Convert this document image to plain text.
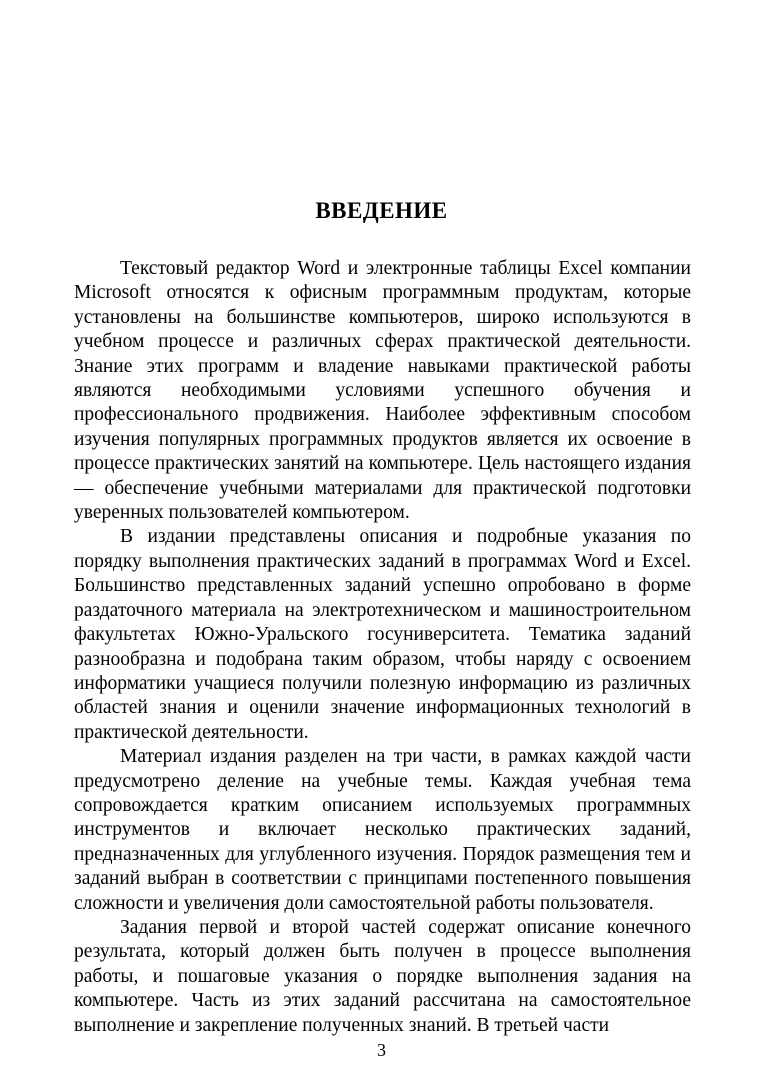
ВВЕДЕНИЕ

Текстовый редактор Word и электронные таблицы Excel компании Microsoft относятся к офисным программным продуктам, которые установлены на большинстве компьютеров, широко используются в учебном процессе и различных сферах практической деятельности. Знание этих программ и владение навыками практической работы являются необходимыми условиями успешного обучения и профессионального продвижения. Наиболее эффективным способом изучения популярных программных продуктов является их освоение в процессе практических занятий на компьютере. Цель настоящего издания — обеспечение учебными материалами для практической подготовки уверенных пользователей компьютером.

В издании представлены описания и подробные указания по порядку выполнения практических заданий в программах Word и Excel. Большинство представленных заданий успешно опробовано в форме раздаточного материала на электротехническом и машиностроительном факультетах Южно-Уральского госуниверситета. Тематика заданий разнообразна и подобрана таким образом, чтобы наряду с освоением информатики учащиеся получили полезную информацию из различных областей знания и оценили значение информационных технологий в практической деятельности.

Материал издания разделен на три части, в рамках каждой части предусмотрено деление на учебные темы. Каждая учебная тема сопровождается кратким описанием используемых программных инструментов и включает несколько практических заданий, предназначенных для углубленного изучения. Порядок размещения тем и заданий выбран в соответствии с принципами постепенного повышения сложности и увеличения доли самостоятельной работы пользователя.

Задания первой и второй частей содержат описание конечного результата, который должен быть получен в процессе выполнения работы, и пошаговые указания о порядке выполнения задания на компьютере. Часть из этих заданий рассчитана на самостоятельное выполнение и закрепление полученных знаний. В третьей части

3
